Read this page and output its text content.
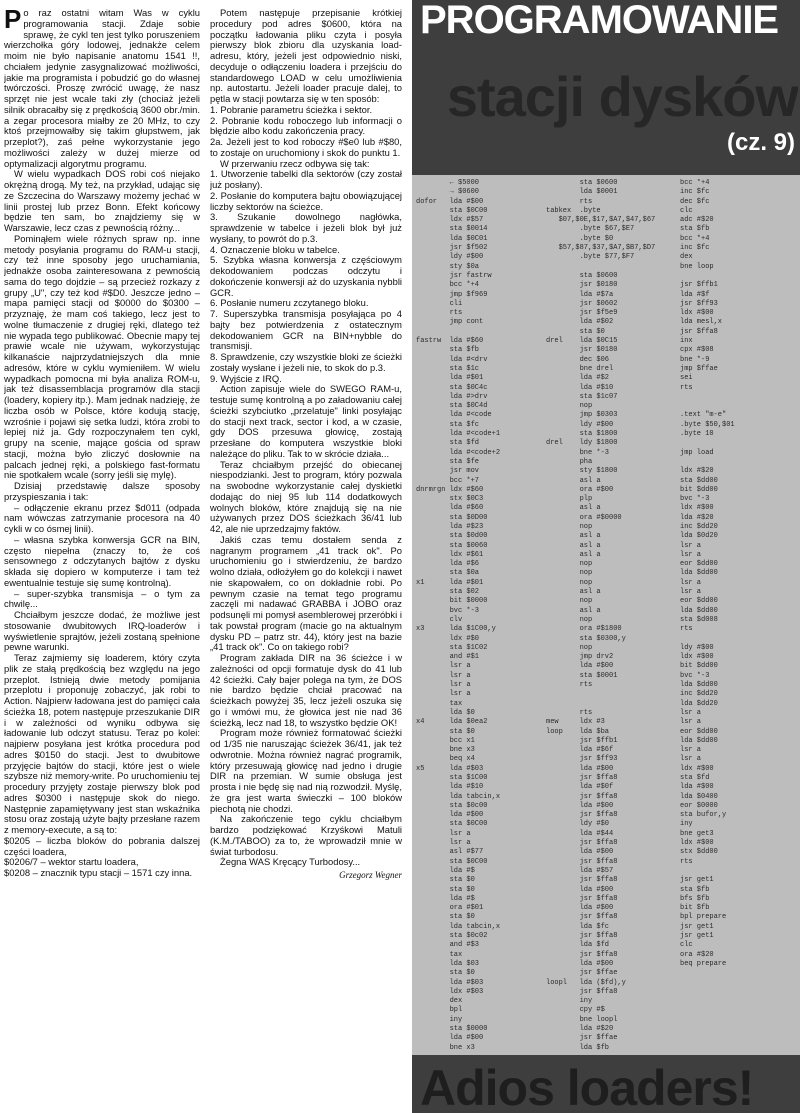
Po raz ostatni witam Was w cyklu programowania stacji. Zdaje sobie sprawę, że cykl ten jest tylko poruszeniem wierzchołka góry lodowej, jednakże celem moim nie było napisanie anatomu 1541 !!, chciałem jedynie zasygnalizować możliwości, jakie ma programista i pobudzić go do własnej twórczości. Proszę zwrócić uwagę, że nasz sprzęt nie jest wcale taki zły (chociaż jeżeli silnik obracałby się z prędkością 3600 obr./min. a zegar procesora miałby ze 20 MHz, to czy ktoś przejmowałby się takim głupstwem, jak przeplot?), zaś pełne wykorzystanie jego możliwości zależy w dużej mierze od optymalizacji algorytmu programu.

W wielu wypadkach DOS robi coś niejako okrężną drogą. My też, na przykład, udając się ze Szczecina do Warszawy możemy jechać w linii prostej lub przez Bonn. Efekt końcowy będzie ten sam, bo znajdziemy się w Warszawie, lecz czas z pewnością różny...

Pominąłem wiele różnych spraw np. inne metody posyłania programu do RAM-u stacji, czy też inne sposoby jego uruchamiania, jednakże osoba zainteresowana z pewnością sama do tego dojdzie – są przecież rozkazy z grupy „U", czy też kod #$D0. Jeszcze jedno – mapa pamięci stacji od $0000 do $0300 – przyznaję, że mam coś takiego, lecz jest to wolne tłumaczenie z drugiej ręki, dlatego też nie wypada tego publikować. Obecnie mapy tej prawie wcale nie używam, wykorzystując kilkanaście najprzydatniejszych dla mnie adresów, które w cyklu wymieniłem. W wielu wypadkach pomocna mi była analiza ROM-u, jak też disassemblacja programów dla stacji (loadery, kopiery itp.). Mam jednak nadzieję, że liczba osób w Polsce, które kodują stację, wzrośnie i pojawi się setka ludzi, która zrobi to lepiej niż ja. Gdy rozpoczynałem ten cykl, grupy na scenie, mające gościa od spraw stacji, można było zliczyć dosłownie na palcach jednej ręki, a polskiego fast-formatu nie spotkałem wcale (sorry jeśli się mylę).

Dzisiaj przedstawię dalsze sposoby przyspieszania i tak:

– odłączenie ekranu przez $d011 (odpada nam wówczas zatrzymanie procesora na 40 cykli w co ósmej linii).

– własna szybka konwersja GCR na BIN, często niepełna (znaczy to, że coś sensownego z odczytanych bajtów z dysku składa się dopiero w komputerze i tam też ewentualnie testuje się sumę kontrolną).

– super-szybka transmisja – o tym za chwilę...

Chciałbym jeszcze dodać, że możliwe jest stosowanie dwubitowych IRQ-loaderów i wyświetlenie sprajtów, jeżeli zostaną spełnione pewne warunki.

Teraz zajmiemy się loaderem, który czyta plik ze stałą prędkością bez względu na jego przeplot. Istnieją dwie metody pomijania przeplotu i proponuję zobaczyć, jak robi to Action. Najpierw ładowana jest do pamięci cała ścieżka 18, potem następuje przeszukanie DIR i w zależności od wyniku odbywa się ładowanie lub odczyt statusu. Teraz po kolei: najpierw posyłana jest krótka procedura pod adres $0150 do stacji. Jest to dwubitowe przyjęcie bajtów do stacji, które jest o wiele szybsze niż memory-write. Po uruchomieniu tej procedury przyjęty zostaje pierwszy blok pod adres $0300 i następuje skok do niego. Następnie zapamiętywany jest stan wskaźnika stosu oraz zostają użyte bajty przesłane razem z memory-execute, a są to:

$0205 – liczba bloków do pobrania dalszej części loadera,

$0206/7 – wektor startu loadera,

$0208 – znacznik typu stacji – 1571 czy inna.

Potem następuje przepisanie krótkiej procedury pod adres $0600, która na początku ładowania pliku czyta i posyła pierwszy blok zbioru dla uzyskania load-adresu, który, jeżeli jest odpowiednio niski, decyduje o odłączeniu loadera i przejściu do standardowego LOAD w celu umożliwienia np. autostartu. Jeżeli loader pracuje dalej, to pętla w stacji powtarza się w ten sposób:

1. Pobranie parametru ścieżka i sektor.

2. Pobranie kodu roboczego lub informacji o błędzie albo kodu zakończenia pracy.

2a. Jeżeli jest to kod roboczy #$e0 lub #$80, to zostaje on uruchomiony i skok do punktu 1.

W przerwaniu rzecz odbywa się tak:

1. Utworzenie tabelki dla sektorów (czy został już posłany).

2. Posłanie do komputera bajtu obowiązującej liczby sektorów na ścieżce.

3. Szukanie dowolnego nagłówka, sprawdzenie w tabelce i jeżeli blok był już wysłany, to powrót do p.3.

4. Oznaczenie bloku w tabelce.

5. Szybka własna konwersja z częściowym dekodowaniem podczas odczytu i dokończenie konwersji aż do uzyskania nybbli GCR.

6. Posłanie numeru zczytanego bloku.

7. Superszybka transmisja posyłająca po 4 bajty bez potwierdzenia z ostatecznym dekodowaniem GCR na BIN+nybble do transmisji.

8. Sprawdzenie, czy wszystkie bloki ze ścieżki zostały wysłane i jeżeli nie, to skok do p.3.

9. Wyjście z IRQ.

Action zapisuje wiele do SWEGO RAM-u, testuje sumę kontrolną a po załadowaniu całej ścieżki szybciutko „przelatuje" linki posyłając do stacji next track, sector i kod, a w czasie, gdy DOS przesuwa głowicę, zostają przesłane do komputera wszystkie bloki należące do pliku. Tak to w skrócie działa...

Teraz chciałbym przejść do obiecanej niespodzianki. Jest to program, który pozwala na swobodne wykorzystanie całej dyskietki dodając do niej 95 lub 114 dodatkowych wolnych bloków, które znajdują się na nie używanych przez DOS ścieżkach 36/41 lub 42, ale nie uprzedzajmy faktów.

Jakiś czas temu dostałem senda z nagranym programem „41 track ok". Po uruchomieniu go i stwierdzeniu, że bardzo wolno działa, odłożyłem go do kolekcji i nawet nie skapowałem, co on dokładnie robi. Po pewnym czasie na temat tego programu zaczęli mi nadawać GRABBA i JOBO oraz podsunęli mi pomysł asemblerowej przeróbki i tak powstał program (macie go na aktualnym dysku PD – patrz str. 44), który jest na bazie „41 track ok". Co on takiego robi?

Program zakłada DIR na 36 ścieżce i w zależności od opcji formatuje dysk do 41 lub 42 ścieżki. Cały bajer polega na tym, że DOS nie bardzo będzie chciał pracować na ścieżkach powyżej 35, lecz jeżeli oszuka się go i wmówi mu, że głowica jest nie nad 36 ścieżką, lecz nad 18, to wszystko będzie OK!

Program może również formatować ścieżki od 1/35 nie naruszając ścieżek 36/41, jak też odwrotnie. Można również nagrać programik, który przesuwają głowicę nad jedno i drugie DIR na przemian. W sumie obsługa jest prosta i nie będę się nad nią rozwodził. Myślę, że gra jest warta świeczki – 100 bloków piechotą nie chodzi.

Na zakończenie tego cyklu chciałbym bardzo podziękować Krzyśkowi Matuli (K.M./TABOO) za to, że wprowadził mnie w świat turbodosu.

Żegna WAS Kręcący Turbodosy...

Grzegorz Wegner
PROGRAMOWANIE
stacji dysków
(cz. 9)
← $5000
→ $0600
dofor   lda #$00
sta $0C00
ldx #$57
sta $0014
lda $0C01
jsr $f502
ldy #$00
sty $0a
jsr fastrw
bcc *+4
jmp $f969
cli
rts
jmp cont

fastrw  lda #$60
sta $fb
lda #<drv
sta $1c
lda #$01
sta $0C4c
lda #>drv
sta $0C4d
lda #<code
sta $fc
lda #<code+1
sta $fd
lda #<code+2
sta $fe
jsr mov
bcc *+7
dnrmrgn ldx #$60
stx $0C3
lda #$60
sta $0D00
lda #$23
sta $0d00
sta $0060
ldx #$61
lda #$6
sta $0a
x1      lda #$01
sta $02
bit $0000
bvc *-3
clv
x3      lda $1C00,y
ldx #$0
sta $1C02
and #$1
lsr a
lsr a
lsr a
lsr a
tax
lda $0
x4      lda $0ea2
sta $0
bcc x1
bne x3
beq x4
x5      lda #$03
sta $1C00
lda #$10
lda tabcin,x
sta $0c00
lda #$00
sta $0C00
lsr a
lsr a
asl #$77
sta $0C00
lda #$
sta $0
sta $0
lda #$
ora #$01
sta $0
lda tabcin,x
sta $0c02
and #$3
tax
lda $03
sta $0
lda #$03
ldx #$03
dex
bpl
iny
sta $0000
lda #$00
bne x3
sta $0600
lda $0001
rts
tabkex  .byte
$07,$0E,$17,$A7,$47,$67
.byte $67,$E7
.byte $0
$57,$87,$37,$A7,$B7,$D7
.byte $77,$F7

sta $0600
jsr $0180
lda #$7a
jsr $0602
jsr $f5e9
lda #$02
sta $0
drel    lda $0C15
jsr $0180
dec $06
bne drel
lda #$2
lda #$10
sta $1c07
nop
jmp $0303
ldy #$00
sta $1800
drel    ldy $1800
bne *-3
pha
sty $1800
asl a
ora #$00
plp
asl a
ora #$0000
nop
asl a
asl a
asl a
nop
nop
nop
asl a
nop
asl a
nop
ora #$1800
sta $0300,y
nop
jmp drv2
lda #$00
sta $0001
rts

rts
mew     ldx #3
loop    lda $ba
jsr $ffb1
lda #$6f
jsr $ff93
lda #$00
jsr $ffa8
lda #$0f
jsr $ffa8
lda #$00
jsr $ffa8
ldy #$0
lda #$44
jsr $ffa8
lda #$00
jsr $ffa8
lda #$57
jsr $ffa8
lda #$00
jsr $ffa8
lda #$00
jsr $ffa8
lda $fc
jsr $ffa8
lda $fd
jsr $ffa8
lda #$00
jsr $ffae
loopl   lda ($fd),y
jsr $ffa8
iny
cpy #$
bne loopl
lda #$20
jsr $ffae
lda $fb
bcc *+4
inc $fc
dec $fc
clc
adc #$20
sta $fb
bcc *+4
inc $fc
dex
bne loop

jsr $ffb1
lda #$f
jsr $ff93
ldx #$00
lda mesl,x
jsr $ffa8
inx
cpx #$08
bne *-9
jmp $ffae
sei
rts

.text "m-e"
.byte $50,$01
.byte 10

jmp load

ldx #$20
sta $dd00
bit $dd00
bvc *-3
ldx #$00
lda #$20
inc $dd20
lda $0d20
lsr a
lsr a
eor $dd00
lda $dd00
lsr a
lsr a
eor $dd00
lda $dd00
sta $d008
rts

ldy #$00
ldx #$00
bit $dd00
bvc *-3
lda $dd00
inc $dd20
lda $dd20
lsr a
lsr a
eor $dd00
lda $dd00
lsr a
lsr a
ldx #$00
sta $fd
lda #$00
lda $0400
eor $0000
sta bufor,y
iny
bne get3
ldx #$00
stx $dd00
rts

jsr get1
sta $fb
bfs $fb
bit $fb
bpl prepare
jsr get1
jsr get1
clc
ora #$20
beq prepare
Adios loaders!
